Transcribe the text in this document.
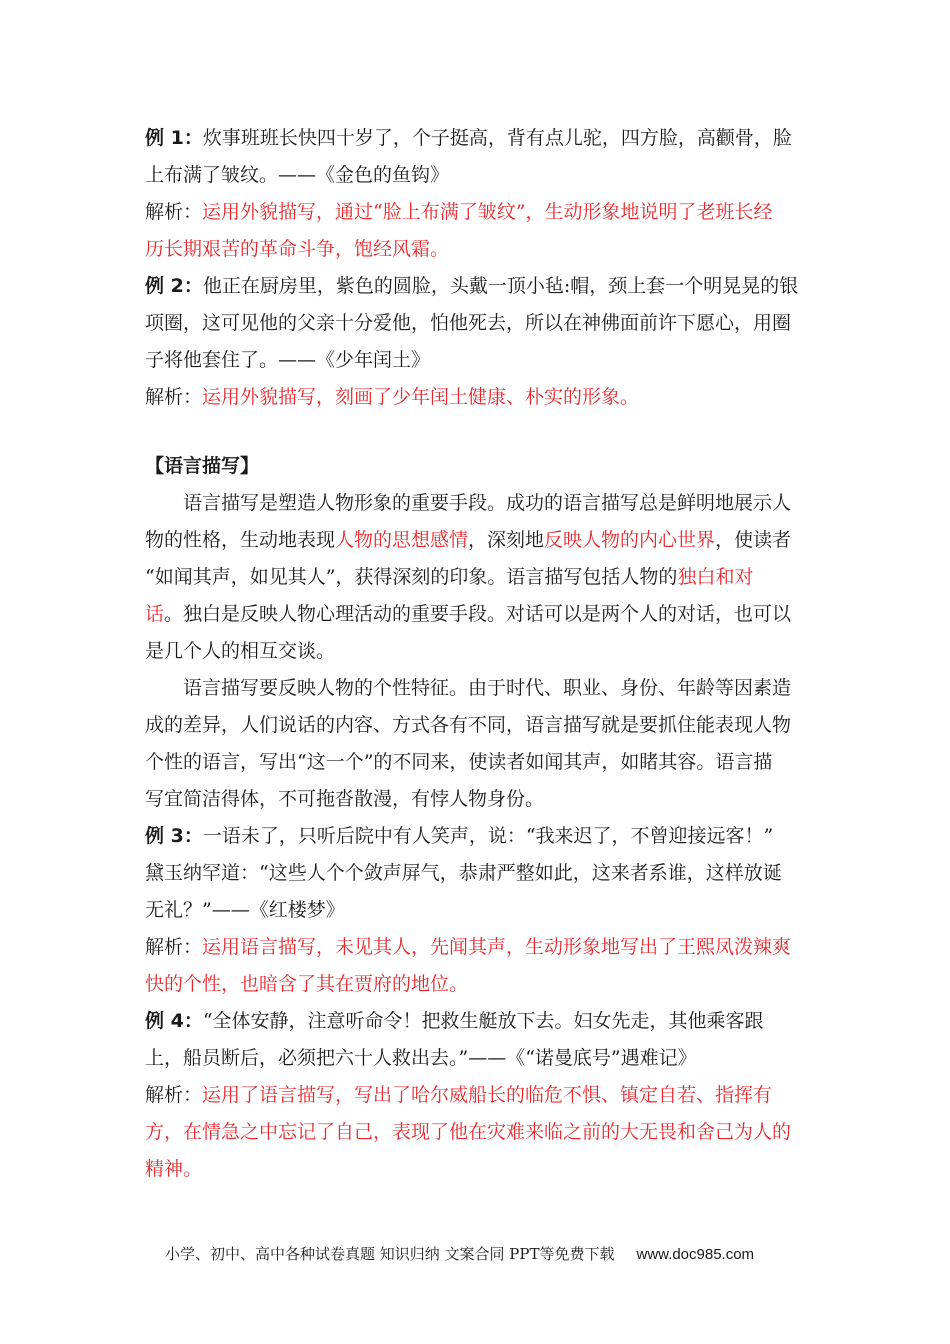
例 1：炊事班班长快四十岁了，个子挺高，背有点儿驼，四方脸，高颧骨，脸
上布满了皱纹。——《金色的鱼钩》
解析：运用外貌描写，通过“脸上布满了皱纹”，生动形象地说明了老班长经
历长期艰苦的革命斗争，饱经风霜。
例 2：他正在厨房里，紫色的圆脸，头戴一顶小毡:帽，颈上套一个明晃晃的银
项圈，这可见他的父亲十分爱他，怕他死去，所以在神佛面前许下愿心，用圈
子将他套住了。——《少年闰土》
解析：运用外貌描写，刻画了少年闰土健康、朴实的形象。
【语言描写】
语言描写是塑造人物形象的重要手段。成功的语言描写总是鲜明地展示人
物的性格，生动地表现人物的思想感情，深刻地反映人物的内心世界，使读者
“如闻其声，如见其人”，获得深刻的印象。语言描写包括人物的独白和对
话。独白是反映人物心理活动的重要手段。对话可以是两个人的对话，也可以
是几个人的相互交谈。
语言描写要反映人物的个性特征。由于时代、职业、身份、年龄等因素造
成的差异，人们说话的内容、方式各有不同，语言描写就是要抓住能表现人物
个性的语言，写出“这一个”的不同来，使读者如闻其声，如睹其容。语言描
写宜简洁得体，不可拖沓散漫，有悖人物身份。
例 3：一语未了，只听后院中有人笑声，说：“我来迟了，不曾迎接远客！”
黛玉纳罕道：“这些人个个敛声屏气，恭肃严整如此，这来者系谁，这样放诞
无礼？”——《红楼梦》
解析：运用语言描写，未见其人，先闻其声，生动形象地写出了王熙凤泼辣爽
快的个性，也暗含了其在贾府的地位。
例 4：“全体安静，注意听命令！把救生艇放下去。妇女先走，其他乘客跟
上，船员断后，必须把六十人救出去。”——《“诺曼底号”遇难记》
解析：运用了语言描写，写出了哈尔威船长的临危不惧、镇定自若、指挥有
方，在情急之中忘记了自己，表现了他在灾难来临之前的大无畏和舍己为人的
精神。
小学、初中、高中各种试卷真题 知识归纳 文案合同 PPT等免费下载 www.doc985.com
